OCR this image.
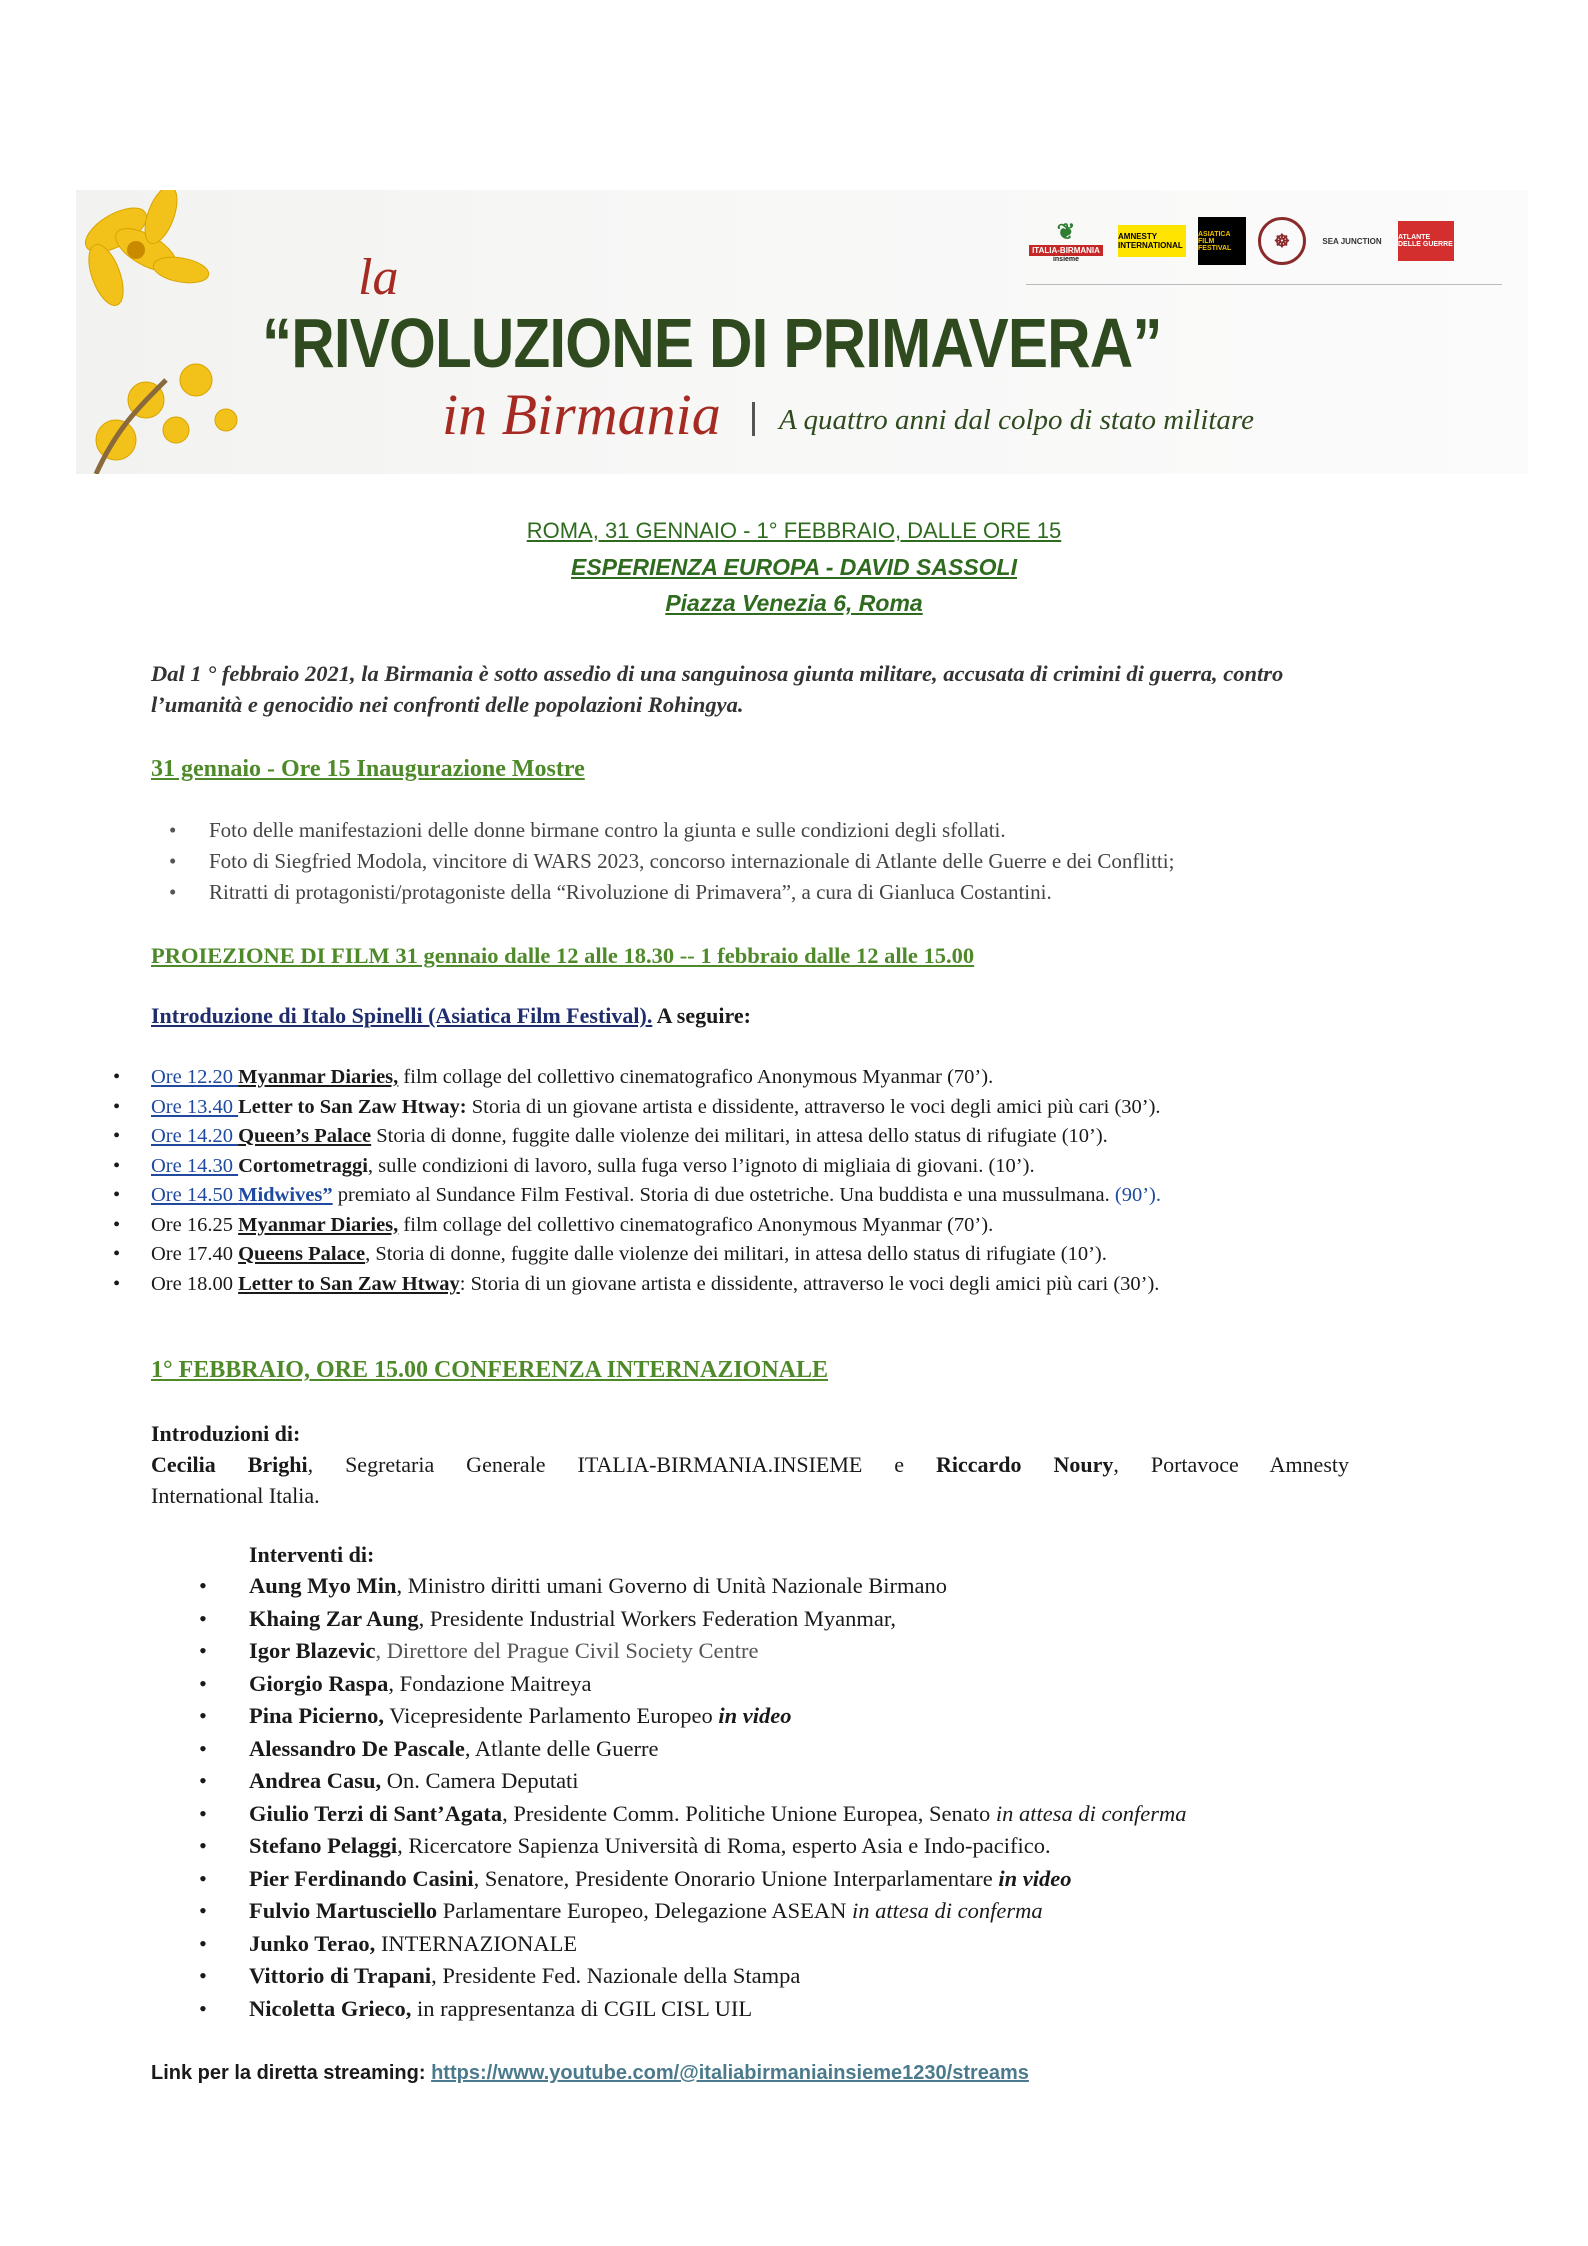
la
“RIVOLUZIONE DI PRIMAVERA”
in Birmania A quattro anni dal colpo di stato militare
❦
ITALIA-BIRMANIA
insieme
AMNESTY INTERNATIONAL
ASIATICA FILM FESTIVAL	☸	SEA JUNCTION	ATLANTE DELLE GUERRE
ROMA, 31 GENNAIO - 1° FEBBRAIO, DALLE ORE 15
ESPERIENZA EUROPA - DAVID SASSOLI
Piazza Venezia 6, Roma
Dal 1 ° febbraio 2021, la Birmania è sotto assedio di una sanguinosa giunta militare, accusata di crimini di guerra, contro l’umanità e genocidio nei confronti delle popolazioni Rohingya.
31 gennaio - Ore 15 Inaugurazione Mostre
• Foto delle manifestazioni delle donne birmane contro la giunta e sulle condizioni degli sfollati.
• Foto di Siegfried Modola, vincitore di WARS 2023, concorso internazionale di Atlante delle Guerre e dei Conflitti;
• Ritratti di protagonisti/protagoniste della “Rivoluzione di Primavera”, a cura di Gianluca Costantini.
PROIEZIONE DI FILM 31 gennaio dalle 12 alle 18.30 -- 1 febbraio dalle 12 alle 15.00
Introduzione di Italo Spinelli (Asiatica Film Festival). A seguire:
• Ore 12.20 Myanmar Diaries, film collage del collettivo cinematografico Anonymous Myanmar (70’).
• Ore 13.40 Letter to San Zaw Htway: Storia di un giovane artista e dissidente, attraverso le voci degli amici più cari (30’).
• Ore 14.20 Queen’s Palace Storia di donne, fuggite dalle violenze dei militari, in attesa dello status di rifugiate (10’).
• Ore 14.30 Cortometraggi, sulle condizioni di lavoro, sulla fuga verso l’ignoto di migliaia di giovani. (10’).
• Ore 14.50 Midwives” premiato al Sundance Film Festival. Storia di due ostetriche. Una buddista e una mussulmana. (90’).
• Ore 16.25 Myanmar Diaries, film collage del collettivo cinematografico Anonymous Myanmar (70’).
• Ore 17.40 Queens Palace, Storia di donne, fuggite dalle violenze dei militari, in attesa dello status di rifugiate (10’).
• Ore 18.00 Letter to San Zaw Htway: Storia di un giovane artista e dissidente, attraverso le voci degli amici più cari (30’).
1° FEBBRAIO, ORE 15.00 CONFERENZA INTERNAZIONALE
Introduzioni di:
Cecilia Brighi, Segretaria Generale ITALIA-BIRMANIA.INSIEME e Riccardo Noury, Portavoce Amnesty
International Italia.
Interventi di:
• Aung Myo Min, Ministro diritti umani Governo di Unità Nazionale Birmano
• Khaing Zar Aung, Presidente Industrial Workers Federation Myanmar,
• Igor Blazevic, Direttore del Prague Civil Society Centre
• Giorgio Raspa, Fondazione Maitreya
• Pina Picierno, Vicepresidente Parlamento Europeo in video
• Alessandro De Pascale, Atlante delle Guerre
• Andrea Casu, On. Camera Deputati
• Giulio Terzi di Sant’Agata, Presidente Comm. Politiche Unione Europea, Senato in attesa di conferma
• Stefano Pelaggi, Ricercatore Sapienza Università di Roma, esperto Asia e Indo-pacifico.
• Pier Ferdinando Casini, Senatore, Presidente Onorario Unione Interparlamentare in video
• Fulvio Martusciello Parlamentare Europeo, Delegazione ASEAN in attesa di conferma
• Junko Terao, INTERNAZIONALE
• Vittorio di Trapani, Presidente Fed. Nazionale della Stampa
• Nicoletta Grieco, in rappresentanza di CGIL CISL UIL
Link per la diretta streaming: https://www.youtube.com/@italiabirmaniainsieme1230/streams
